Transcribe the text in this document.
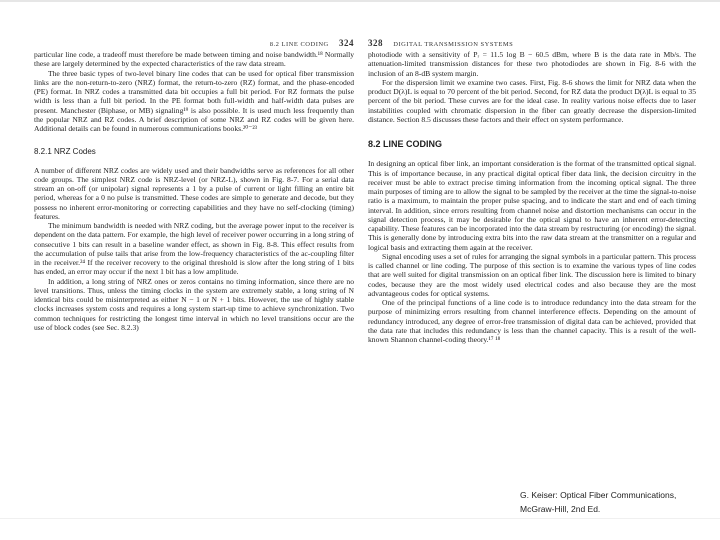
8.2 LINE CODING 324

particular line code, a tradeoff must therefore be made between timing and noise bandwidth.¹⁸ Normally these are largely determined by the expected characteristics of the raw data stream.

The three basic types of two-level binary line codes that can be used for optical fiber transmission links are the non-return-to-zero (NRZ) format, the return-to-zero (RZ) format, and the phase-encoded (PE) format. In NRZ codes a transmitted data bit occupies a full bit period. For RZ formats the pulse width is less than a full bit period. In the PE format both full-width and half-width data pulses are present. Manchester (Biphase, or MB) signaling¹⁹ is also possible. It is used much less frequently than the popular NRZ and RZ codes. A brief description of some NRZ and RZ codes will be given here. Additional details can be found in numerous communications books.²⁰⁻²³

8.2.1 NRZ Codes

A number of different NRZ codes are widely used and their bandwidths serve as references for all other code groups. The simplest NRZ code is NRZ-level (or NRZ-L), shown in Fig. 8-7. For a serial data stream an on-off (or unipolar) signal represents a 1 by a pulse of current or light filling an entire bit period, whereas for a 0 no pulse is transmitted. These codes are simple to generate and decode, but they possess no inherent error-monitoring or correcting capabilities and they have no self-clocking (timing) features.

The minimum bandwidth is needed with NRZ coding, but the average power input to the receiver is dependent on the data pattern. For example, the high level of receiver power occurring in a long string of consecutive 1 bits can result in a baseline wander effect, as shown in Fig. 8-8. This effect results from the accumulation of pulse tails that arise from the low-frequency characteristics of the ac-coupling filter in the receiver.²⁴ If the receiver recovery to the original threshold is slow after the long string of 1 bits has ended, an error may occur if the next 1 bit has a low amplitude.

In addition, a long string of NRZ ones or zeros contains no timing information, since there are no level transitions. Thus, unless the timing clocks in the system are extremely stable, a long string of N identical bits could be misinterpreted as either N − 1 or N + 1 bits. However, the use of highly stable clocks increases system costs and requires a long system start-up time to achieve synchronization. Two common techniques for restricting the longest time interval in which no level transitions occur are the use of block codes (see Sec. 8.2.3)

328 DIGITAL TRANSMISSION SYSTEMS

photodiode with a sensitivity of Pᵣ = 11.5 log B − 60.5 dBm, where B is the data rate in Mb/s. The attenuation-limited transmission distances for these two photodiodes are shown in Fig. 8-6 with the inclusion of an 8-dB system margin.

For the dispersion limit we examine two cases. First, Fig. 8-6 shows the limit for NRZ data when the product D(λ)L is equal to 70 percent of the bit period. Second, for RZ data the product D(λ)L is equal to 35 percent of the bit period. These curves are for the ideal case. In reality various noise effects due to laser instabilities coupled with chromatic dispersion in the fiber can greatly decrease the dispersion-limited distance. Section 8.5 discusses these factors and their effect on system performance.

8.2 LINE CODING

In designing an optical fiber link, an important consideration is the format of the transmitted optical signal. This is of importance because, in any practical digital optical fiber data link, the decision circuitry in the receiver must be able to extract precise timing information from the incoming optical signal. The three main purposes of timing are to allow the signal to be sampled by the receiver at the time the signal-to-noise ratio is a maximum, to maintain the proper pulse spacing, and to indicate the start and end of each timing interval. In addition, since errors resulting from channel noise and distortion mechanisms can occur in the signal detection process, it may be desirable for the optical signal to have an inherent error-detecting capability. These features can be incorporated into the data stream by restructuring (or encoding) the signal. This is generally done by introducing extra bits into the raw data stream at the transmitter on a regular and logical basis and extracting them again at the receiver.

Signal encoding uses a set of rules for arranging the signal symbols in a particular pattern. This process is called channel or line coding. The purpose of this section is to examine the various types of line codes that are well suited for digital transmission on an optical fiber link. The discussion here is limited to binary codes, because they are the most widely used electrical codes and also because they are the most advantageous codes for optical systems.

One of the principal functions of a line code is to introduce redundancy into the data stream for the purpose of minimizing errors resulting from channel interference effects. Depending on the amount of redundancy introduced, any degree of error-free transmission of digital data can be achieved, provided that the data rate that includes this redundancy is less than the channel capacity. This is a result of the well-known Shannon channel-coding theory.¹⁷ ¹⁸

G. Keiser: Optical Fiber Communications,
McGraw-Hill, 2nd Ed.
